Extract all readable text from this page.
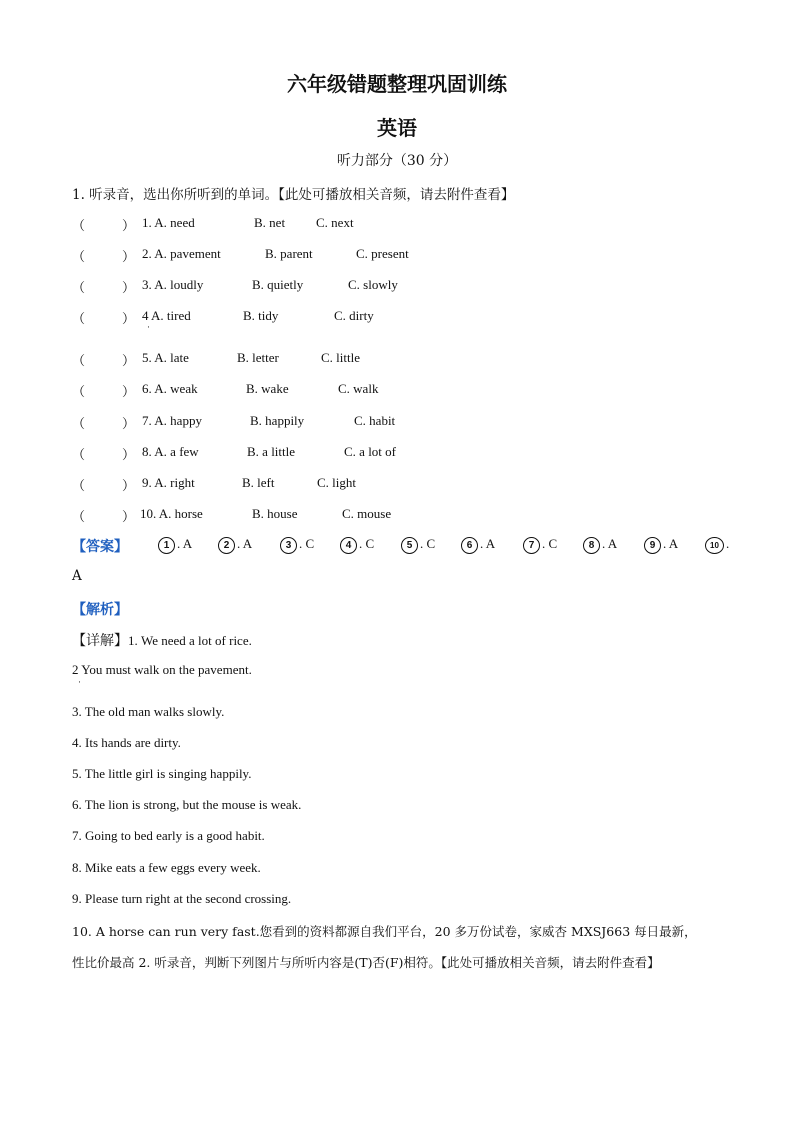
六年级错题整理巩固训练
英语
听力部分（30 分）
1. 听录音，选出你所听到的单词。【此处可播放相关音频，请去附件查看】
（	） 1. A. need	B. net C. next
（	） 2. A. pavement	B. parent	C. present
（	） 3. A. loudly	B. quietly	C. slowly
（	） 4 A. tired	B. tidy	C. dirty
·
（	） 5. A. late	B. letter	C. little
（	） 6. A. weak	B. wake	C. walk
（	） 7. A. happy	B. happily	C. habit
（	） 8. A. a few	B. a little	C. a lot of
（	） 9. A. right	B. left	C. light
（	） 10. A. horse	B. house	C. mouse
【答案】	1 . A	2 . A	3 . C	4 . C	5 . C	6 . A	7 . C	8 . A	9 . A	10 .
A
【解析】
【详解】1. We need a lot of rice.
2 You must walk on the pavement.
·
3. The old man walks slowly.
4. Its hands are dirty.
5. The little girl is singing happily.
6. The lion is strong, but the mouse is weak.
7. Going to bed early is a good habit.
8. Mike eats a few eggs every week.
9. Please turn right at the second crossing.
10. A horse can run very fast.您看到的资料都源自我们平台，20 多万份试卷，家威杏 MXSJ663 每日最新，
性比价最高 2. 听录音，判断下列图片与所听内容是(T)否(F)相符。【此处可播放相关音频，请去附件查看】
